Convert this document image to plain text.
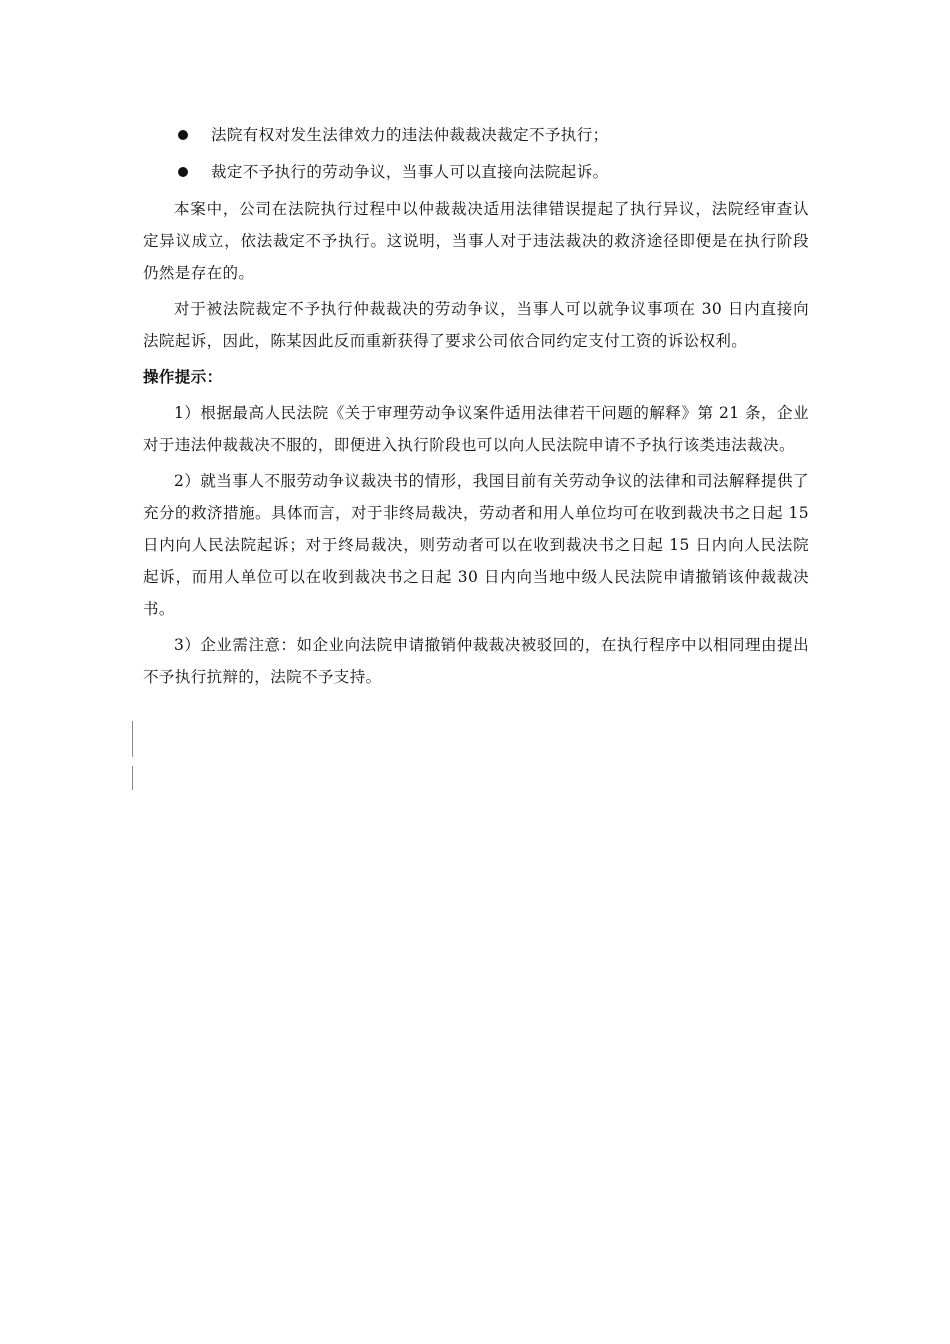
法院有权对发生法律效力的违法仲裁裁决裁定不予执行；
裁定不予执行的劳动争议，当事人可以直接向法院起诉。

本案中，公司在法院执行过程中以仲裁裁决适用法律错误提起了执行异议，法院经审查认定异议成立，依法裁定不予执行。这说明，当事人对于违法裁决的救济途径即便是在执行阶段仍然是存在的。

对于被法院裁定不予执行仲裁裁决的劳动争议，当事人可以就争议事项在 30 日内直接向法院起诉，因此，陈某因此反而重新获得了要求公司依合同约定支付工资的诉讼权利。

操作提示：

1）根据最高人民法院《关于审理劳动争议案件适用法律若干问题的解释》第 21 条，企业对于违法仲裁裁决不服的，即便进入执行阶段也可以向人民法院申请不予执行该类违法裁决。

2）就当事人不服劳动争议裁决书的情形，我国目前有关劳动争议的法律和司法解释提供了充分的救济措施。具体而言，对于非终局裁决，劳动者和用人单位均可在收到裁决书之日起 15 日内向人民法院起诉；对于终局裁决，则劳动者可以在收到裁决书之日起 15 日内向人民法院起诉，而用人单位可以在收到裁决书之日起 30 日内向当地中级人民法院申请撤销该仲裁裁决书。

3）企业需注意：如企业向法院申请撤销仲裁裁决被驳回的，在执行程序中以相同理由提出不予执行抗辩的，法院不予支持。
